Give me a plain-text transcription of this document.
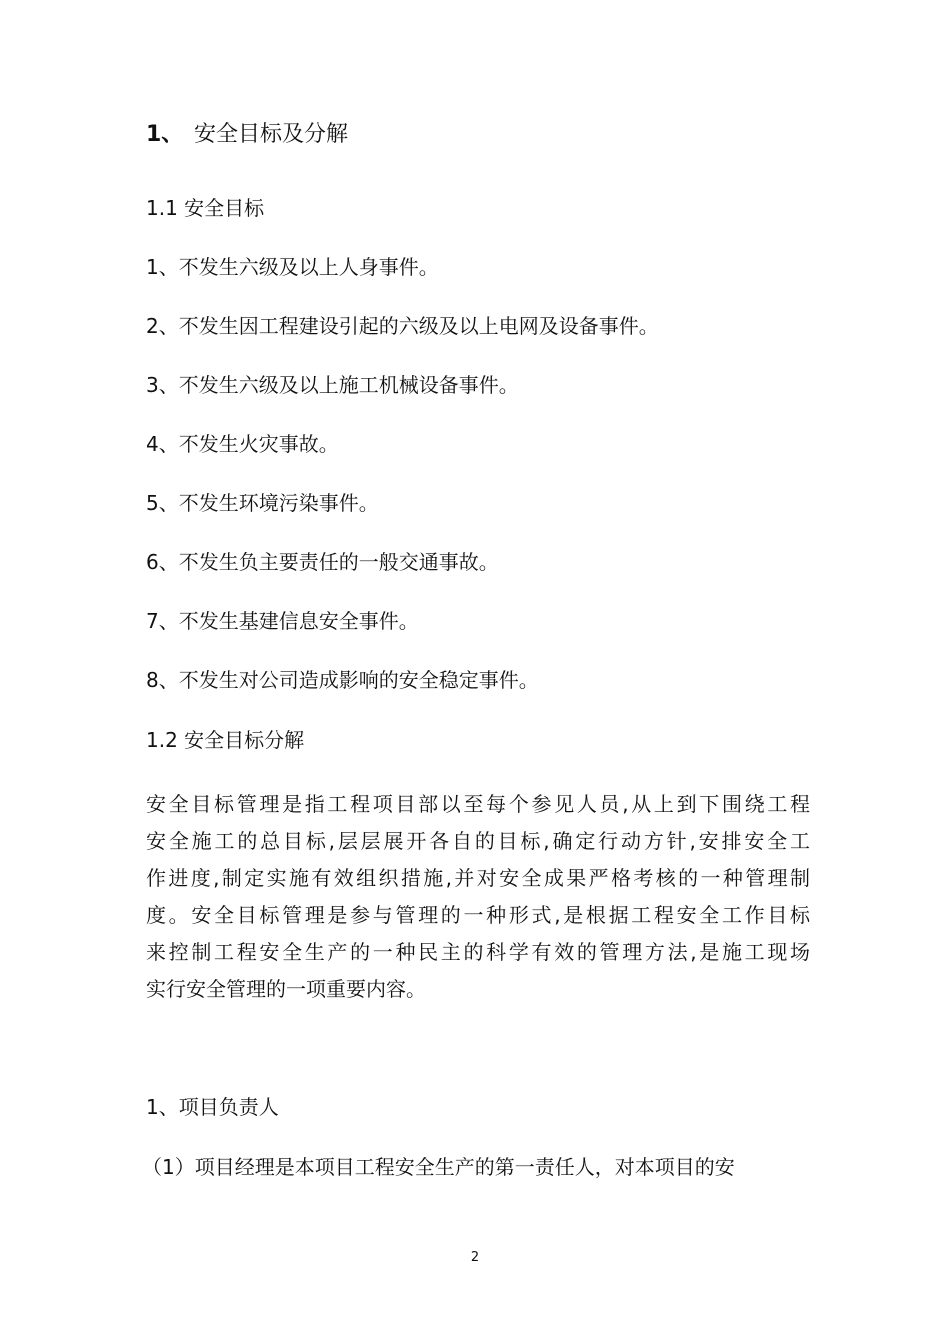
1、 安全目标及分解
1.1 安全目标
1、不发生六级及以上人身事件。
2、不发生因工程建设引起的六级及以上电网及设备事件。
3、不发生六级及以上施工机械设备事件。
4、不发生火灾事故。
5、不发生环境污染事件。
6、不发生负主要责任的一般交通事故。
7、不发生基建信息安全事件。
8、不发生对公司造成影响的安全稳定事件。
1.2 安全目标分解
安全目标管理是指工程项目部以至每个参见人员,从上到下围绕工程
安全施工的总目标,层层展开各自的目标,确定行动方针,安排安全工
作进度,制定实施有效组织措施,并对安全成果严格考核的一种管理制
度。安全目标管理是参与管理的一种形式,是根据工程安全工作目标
来控制工程安全生产的一种民主的科学有效的管理方法,是施工现场
实行安全管理的一项重要内容。
1、项目负责人
（1）项目经理是本项目工程安全生产的第一责任人，对本项目的安
2
